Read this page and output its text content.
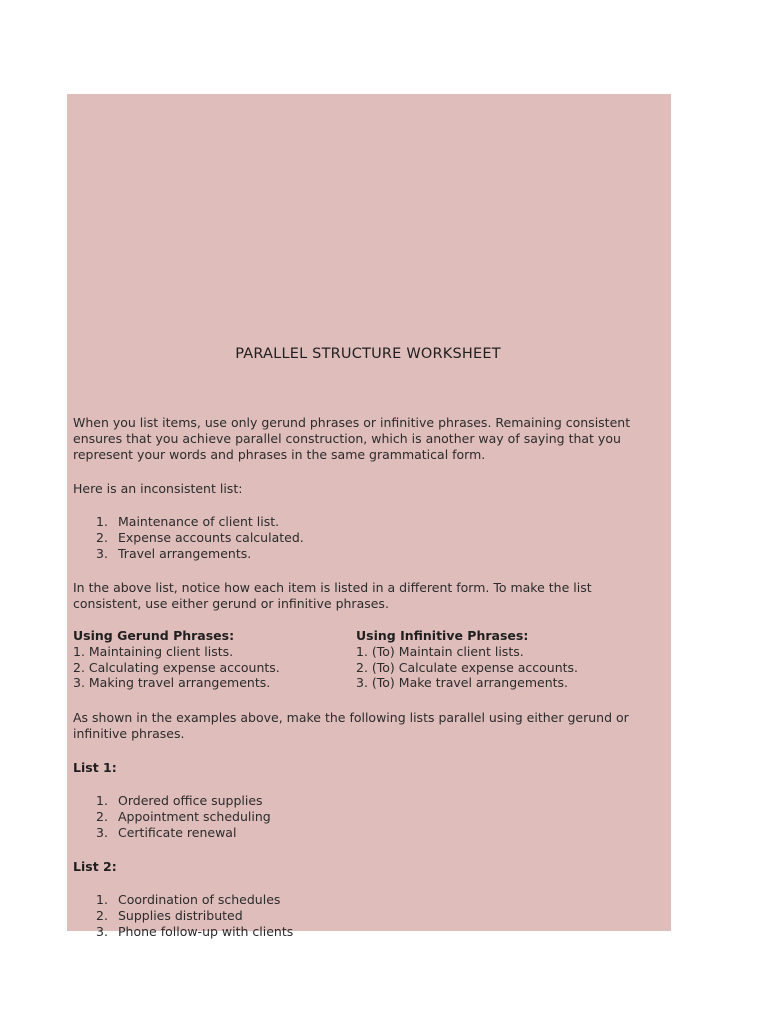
PARALLEL STRUCTURE WORKSHEET

When you list items, use only gerund phrases or infinitive phrases. Remaining consistent ensures that you achieve parallel construction, which is another way of saying that you represent your words and phrases in the same grammatical form.

Here is an inconsistent list:

1. Maintenance of client list.
2. Expense accounts calculated.
3. Travel arrangements.

In the above list, notice how each item is listed in a different form. To make the list consistent, use either gerund or infinitive phrases.

Using Gerund Phrases:
1. Maintaining client lists.
2. Calculating expense accounts.
3. Making travel arrangements.
Using Infinitive Phrases:
1. (To) Maintain client lists.
2. (To) Calculate expense accounts.
3. (To) Make travel arrangements.

As shown in the examples above, make the following lists parallel using either gerund or infinitive phrases.

List 1:

1. Ordered office supplies
2. Appointment scheduling
3. Certificate renewal

List 2:

1. Coordination of schedules
2. Supplies distributed
3. Phone follow-up with clients
